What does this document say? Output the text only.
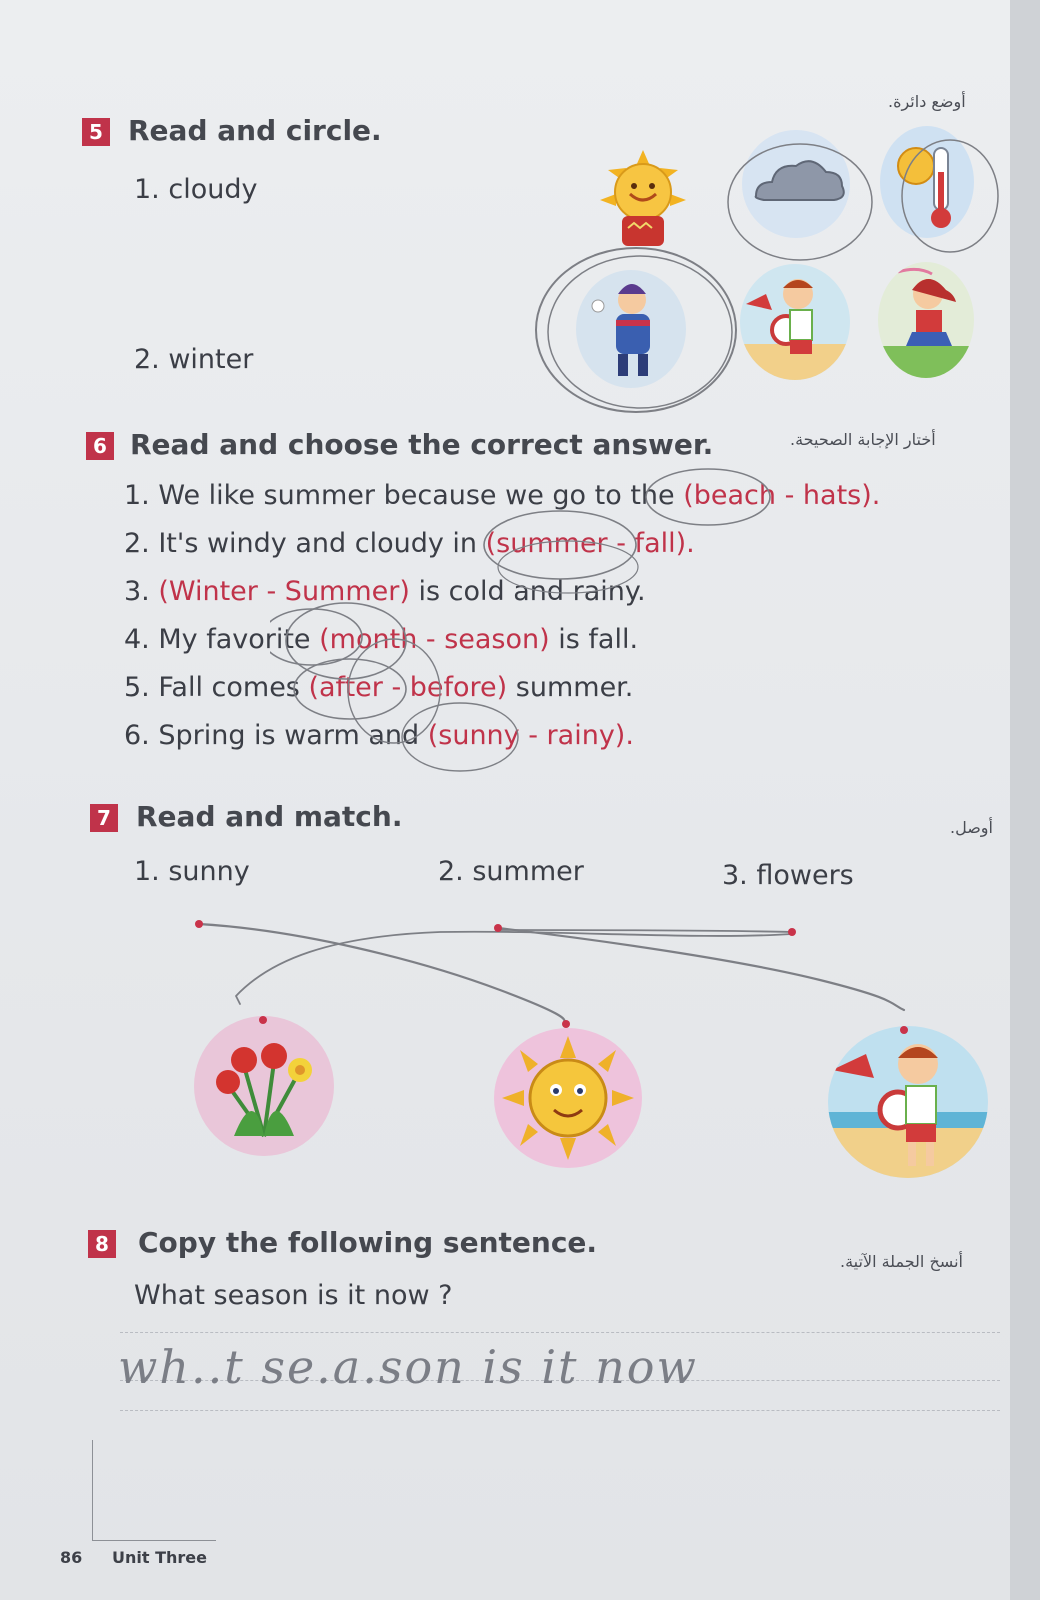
أوضع دائرة.
5 Read and circle.
1. cloudy
2. winter
6 Read and choose the correct answer.	أختار الإجابة الصحيحة.
1. We like summer because we go to the (beach - hats).
2. It's windy and cloudy in (summer - fall).
3. (Winter - Summer) is cold and rainy.
4. My favorite (month - season) is fall.
5. Fall comes (after - before) summer.
6. Spring is warm and (sunny - rainy).
7 Read and match.	أوصل.
1. sunny	2. summer	3. flowers
8 Copy the following sentence.
أنسخ الجملة الآتية.
What season is it now ?
wh..t se.a.son is it now
86 Unit Three
